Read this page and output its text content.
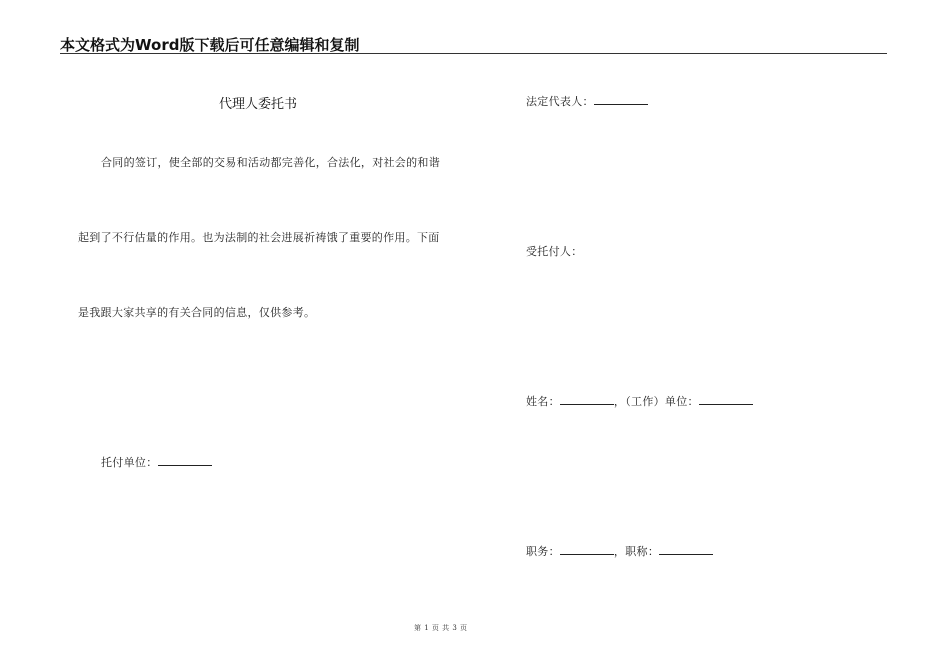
本文格式为Word版下载后可任意编辑和复制
代理人委托书
合同的签订，使全部的交易和活动都完善化，合法化，对社会的和谐
起到了不行估量的作用。也为法制的社会进展祈祷饿了重要的作用。下面
是我跟大家共享的有关合同的信息，仅供参考。
托付单位：
法定代表人：
受托付人：
姓名：	，（工作）单位：
职务：	，职称：
第 1 页 共 3 页
